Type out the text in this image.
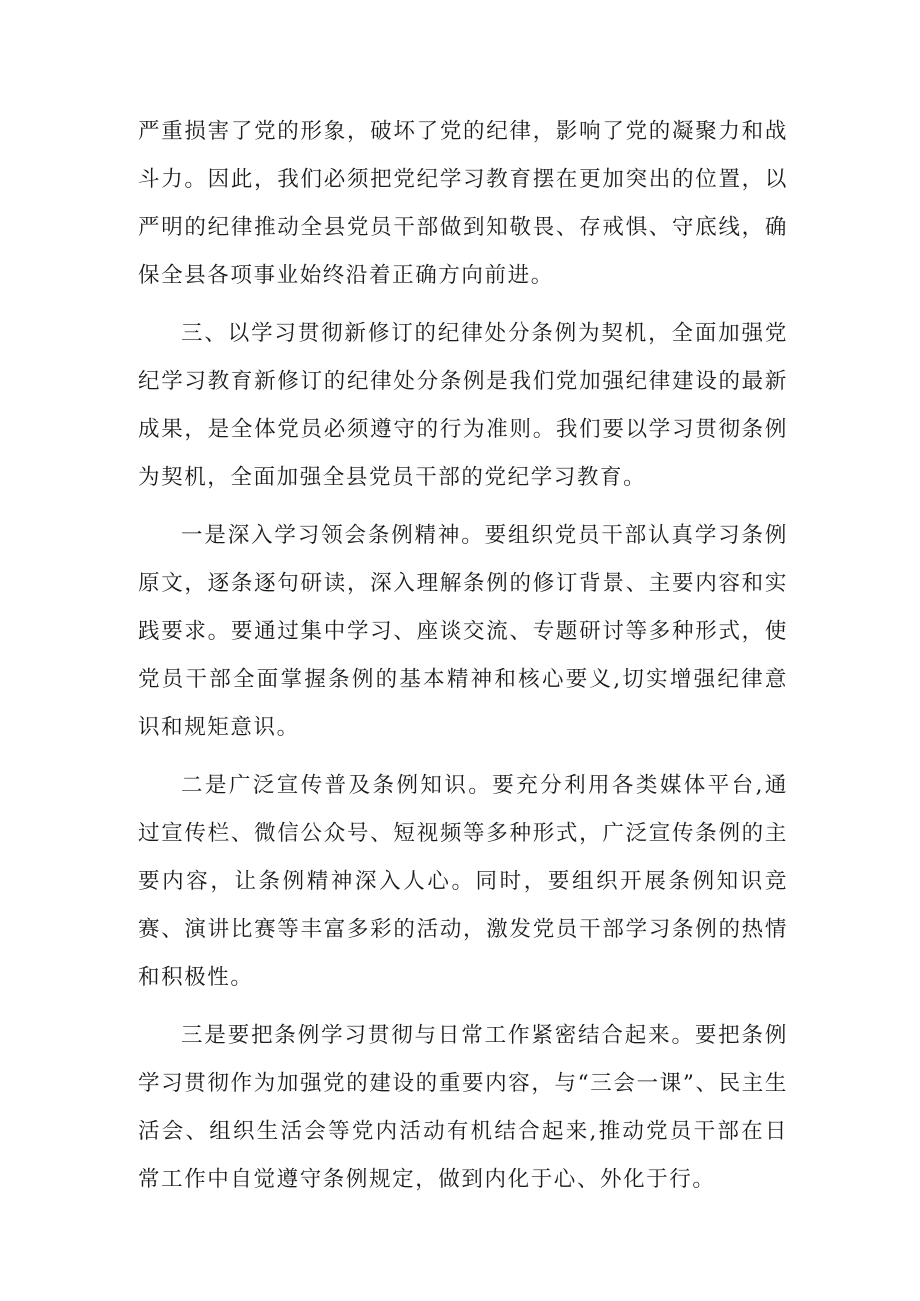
严重损害了党的形象，破坏了党的纪律，影响了党的凝聚力和战斗力。因此，我们必须把党纪学习教育摆在更加突出的位置，以严明的纪律推动全县党员干部做到知敬畏、存戒惧、守底线，确保全县各项事业始终沿着正确方向前进。

三、以学习贯彻新修订的纪律处分条例为契机，全面加强党纪学习教育新修订的纪律处分条例是我们党加强纪律建设的最新成果，是全体党员必须遵守的行为准则。我们要以学习贯彻条例为契机，全面加强全县党员干部的党纪学习教育。

一是深入学习领会条例精神。要组织党员干部认真学习条例原文，逐条逐句研读，深入理解条例的修订背景、主要内容和实践要求。要通过集中学习、座谈交流、专题研讨等多种形式，使党员干部全面掌握条例的基本精神和核心要义,切实增强纪律意识和规矩意识。

二是广泛宣传普及条例知识。要充分利用各类媒体平台,通过宣传栏、微信公众号、短视频等多种形式，广泛宣传条例的主要内容，让条例精神深入人心。同时，要组织开展条例知识竞赛、演讲比赛等丰富多彩的活动，激发党员干部学习条例的热情和积极性。

三是要把条例学习贯彻与日常工作紧密结合起来。要把条例学习贯彻作为加强党的建设的重要内容，与“三会一课”、民主生活会、组织生活会等党内活动有机结合起来,推动党员干部在日常工作中自觉遵守条例规定，做到内化于心、外化于行。
